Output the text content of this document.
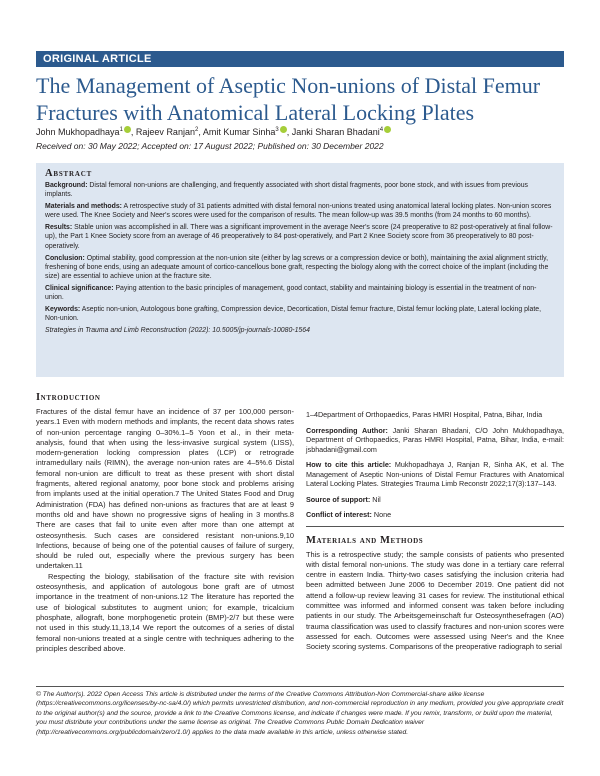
ORIGINAL ARTICLE
The Management of Aseptic Non-unions of Distal Femur Fractures with Anatomical Lateral Locking Plates
John Mukhopadhaya$^1$ , Rajeev Ranjan$^2$, Amit Kumar Sinha$^3$ , Janki Sharan Bhadani$^4$
Received on: 30 May 2022; Accepted on: 17 August 2022; Published on: 30 December 2022
Abstract

Background: Distal femoral non-unions are challenging, and frequently associated with short distal fragments, poor bone stock, and with issues from previous implants.

Materials and methods: A retrospective study of 31 patients admitted with distal femoral non-unions treated using anatomical lateral locking plates. Non-union scores were used. The Knee Society and Neer's scores were used for the comparison of results. The mean follow-up was 39.5 months (from 24 months to 60 months).

Results: Stable union was accomplished in all. There was a significant improvement in the average Neer's score (24 preoperative to 82 post-operatively at final follow-up), the Part 1 Knee Society score from an average of 46 preoperatively to 84 post-operatively, and Part 2 Knee Society score from 36 preoperatively to 80 post-operatively.

Conclusion: Optimal stability, good compression at the non-union site (either by lag screws or a compression device or both), maintaining the axial alignment strictly, freshening of bone ends, using an adequate amount of cortico-cancellous bone graft, respecting the biology along with the correct choice of the implant (including the size) are essential to achieve union at the fracture site.

Clinical significance: Paying attention to the basic principles of management, good contact, stability and maintaining biology is essential in the treatment of non-union.

Keywords: Aseptic non-union, Autologous bone grafting, Compression device, Decortication, Distal femur fracture, Distal femur locking plate, Lateral locking plate, Non-union.

Strategies in Trauma and Limb Reconstruction (2022): 10.5005/jp-journals-10080-1564
Introduction

Fractures of the distal femur have an incidence of 37 per 100,000 person-years.1 Even with modern methods and implants, the recent data shows rates of non-union percentage ranging 0–30%.1–5 Yoon et al., in their meta-analysis, found that when using the less-invasive surgical system (LISS), modern-generation locking compression plates (LCP) or retrograde intramedullary nails (RIMN), the average non-union rates are 4–5%.6 Distal femoral non-union are difficult to treat as these present with short distal fragments, altered regional anatomy, poor bone stock and problems arising from implants used at the initial operation.7 The United States Food and Drug Administration (FDA) has defined non-unions as fractures that are at least 9 months old and have shown no progressive signs of healing in 3 months.8 There are cases that fail to unite even after more than one attempt at osteosynthesis. Such cases are considered resistant non-unions.9,10 Infections, because of being one of the potential causes of failure of surgery, should be ruled out, especially where the previous surgery has been undertaken.11

Respecting the biology, stabilisation of the fracture site with revision osteosynthesis, and application of autologous bone graft are of utmost importance in the treatment of non-unions.12 The literature has reported the use of biological substitutes to augment union; for example, tricalcium phosphate, allograft, bone morphogenetic protein (BMP)-2/7 but these were not used in this study.11,13,14 We report the outcomes of a series of distal femoral non-unions treated at a single centre with techniques adhering to the principles described above.

1–4Department of Orthopaedics, Paras HMRI Hospital, Patna, Bihar, India

Corresponding Author: Janki Sharan Bhadani, C/O John Mukhopadhaya, Department of Orthopaedics, Paras HMRI Hospital, Patna, Bihar, India, e-mail: jsbhadani@gmail.com

How to cite this article: Mukhopadhaya J, Ranjan R, Sinha AK, et al. The Management of Aseptic Non-unions of Distal Femur Fractures with Anatomical Lateral Locking Plates. Strategies Trauma Limb Reconstr 2022;17(3):137–143.

Source of support: Nil

Conflict of interest: None

Materials and Methods

This is a retrospective study; the sample consists of patients who presented with distal femoral non-unions. The study was done in a tertiary care referral centre in eastern India. Thirty-two cases satisfying the inclusion criteria had been admitted between June 2006 to December 2019. One patient did not attend a follow-up review leaving 31 cases for review. The institutional ethical committee was informed and informed consent was taken before including patients in our study. The Arbeitsgemeinschaft fur Osteosynthesefragen (AO) trauma classification was used to classify fractures and non-union scores were assessed for each. Outcomes were assessed using Neer's and the Knee Society scoring systems. Comparisons of the preoperative radiograph to serial

© The Author(s). 2022 Open Access This article is distributed under the terms of the Creative Commons Attribution-Non Commercial-share alike license (https://creativecommons.org/licenses/by-nc-sa/4.0/) which permits unrestricted distribution, and non-commercial reproduction in any medium, provided you give appropriate credit to the original author(s) and the source, provide a link to the Creative Commons license, and indicate if changes were made. If you remix, transform, or build upon the material, you must distribute your contributions under the same license as original. The Creative Commons Public Domain Dedication waiver (http://creativecommons.org/publicdomain/zero/1.0/) applies to the data made available in this article, unless otherwise stated.
